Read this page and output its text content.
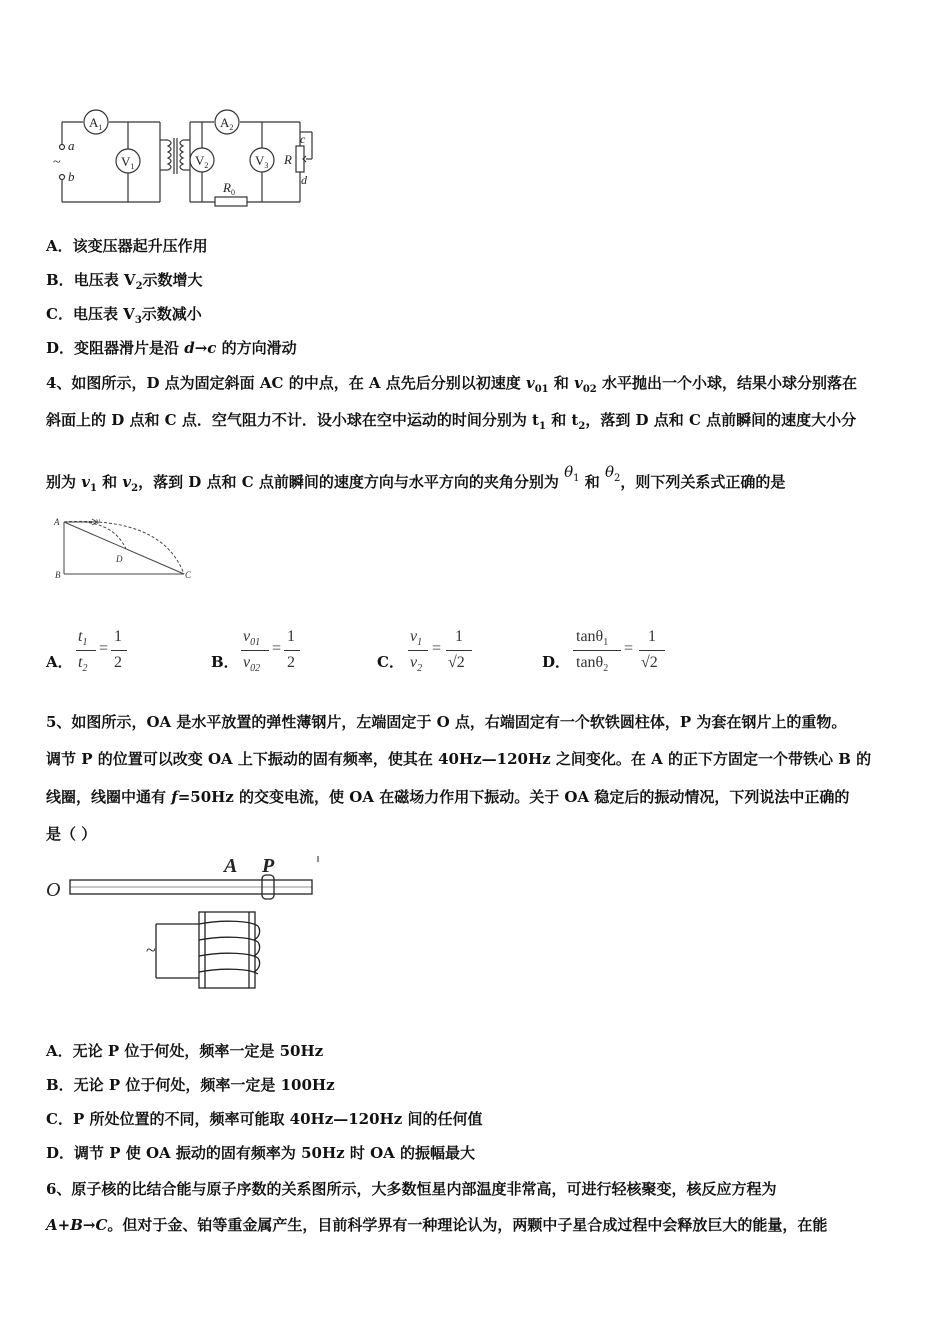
$A_1$
$V_1$
$A_2$
$V_2$	$V_3$
a
b
~
c
d
R
$R_0$
A．该变压器起升压作用
B．电压表 $V_2$示数增大
C．电压表 $V_3$示数减小
D．变阻器滑片是沿 d→c 的方向滑动
4、如图所示，D 点为固定斜面 AC 的中点，在 A 点先后分别以初速度 $v_{01}$ 和 $v_{02}$ 水平抛出一个小球，结果小球分别落在
斜面上的 D 点和 C 点．空气阻力不计．设小球在空中运动的时间分别为 $t_1$ 和 $t_2$，落到 D 点和 C 点前瞬间的速度大小分
别为 $v_1$ 和 $v_2$，落到 D 点和 C 点前瞬间的速度方向与水平方向的夹角分别为 $\theta_1$ 和 $\theta_2$，则下列关系式正确的是
A
B	C
D
v
A．
$t_1$
$t_2$
=
1
2	B．
$v_{01}$
$v_{02}$
=
1
2	C．
$v_1$
$v_2$
=
1
√2	D．
tanθ$_1$
tanθ$_2$
=
1
√2
5、如图所示，OA 是水平放置的弹性薄钢片，左端固定于 O 点，右端固定有一个软铁圆柱体，P 为套在钢片上的重物。
调节 P 的位置可以改变 OA 上下振动的固有频率，使其在 40Hz—120Hz 之间变化。在 A 的正下方固定一个带铁心 B 的
线圈，线圈中通有 f=50Hz 的交变电流，使 OA 在磁场力作用下振动。关于 OA 稳定后的振动情况，下列说法中正确的
是（ ）
O
A P
~
A．无论 P 位于何处，频率一定是 50Hz
B．无论 P 位于何处，频率一定是 100Hz
C．P 所处位置的不同，频率可能取 40Hz—120Hz 间的任何值
D．调节 P 使 OA 振动的固有频率为 50Hz 时 OA 的振幅最大
6、原子核的比结合能与原子序数的关系图所示，大多数恒星内部温度非常高，可进行轻核聚变，核反应方程为
A+B→C。但对于金、铂等重金属产生，目前科学界有一种理论认为，两颗中子星合成过程中会释放巨大的能量，在能
